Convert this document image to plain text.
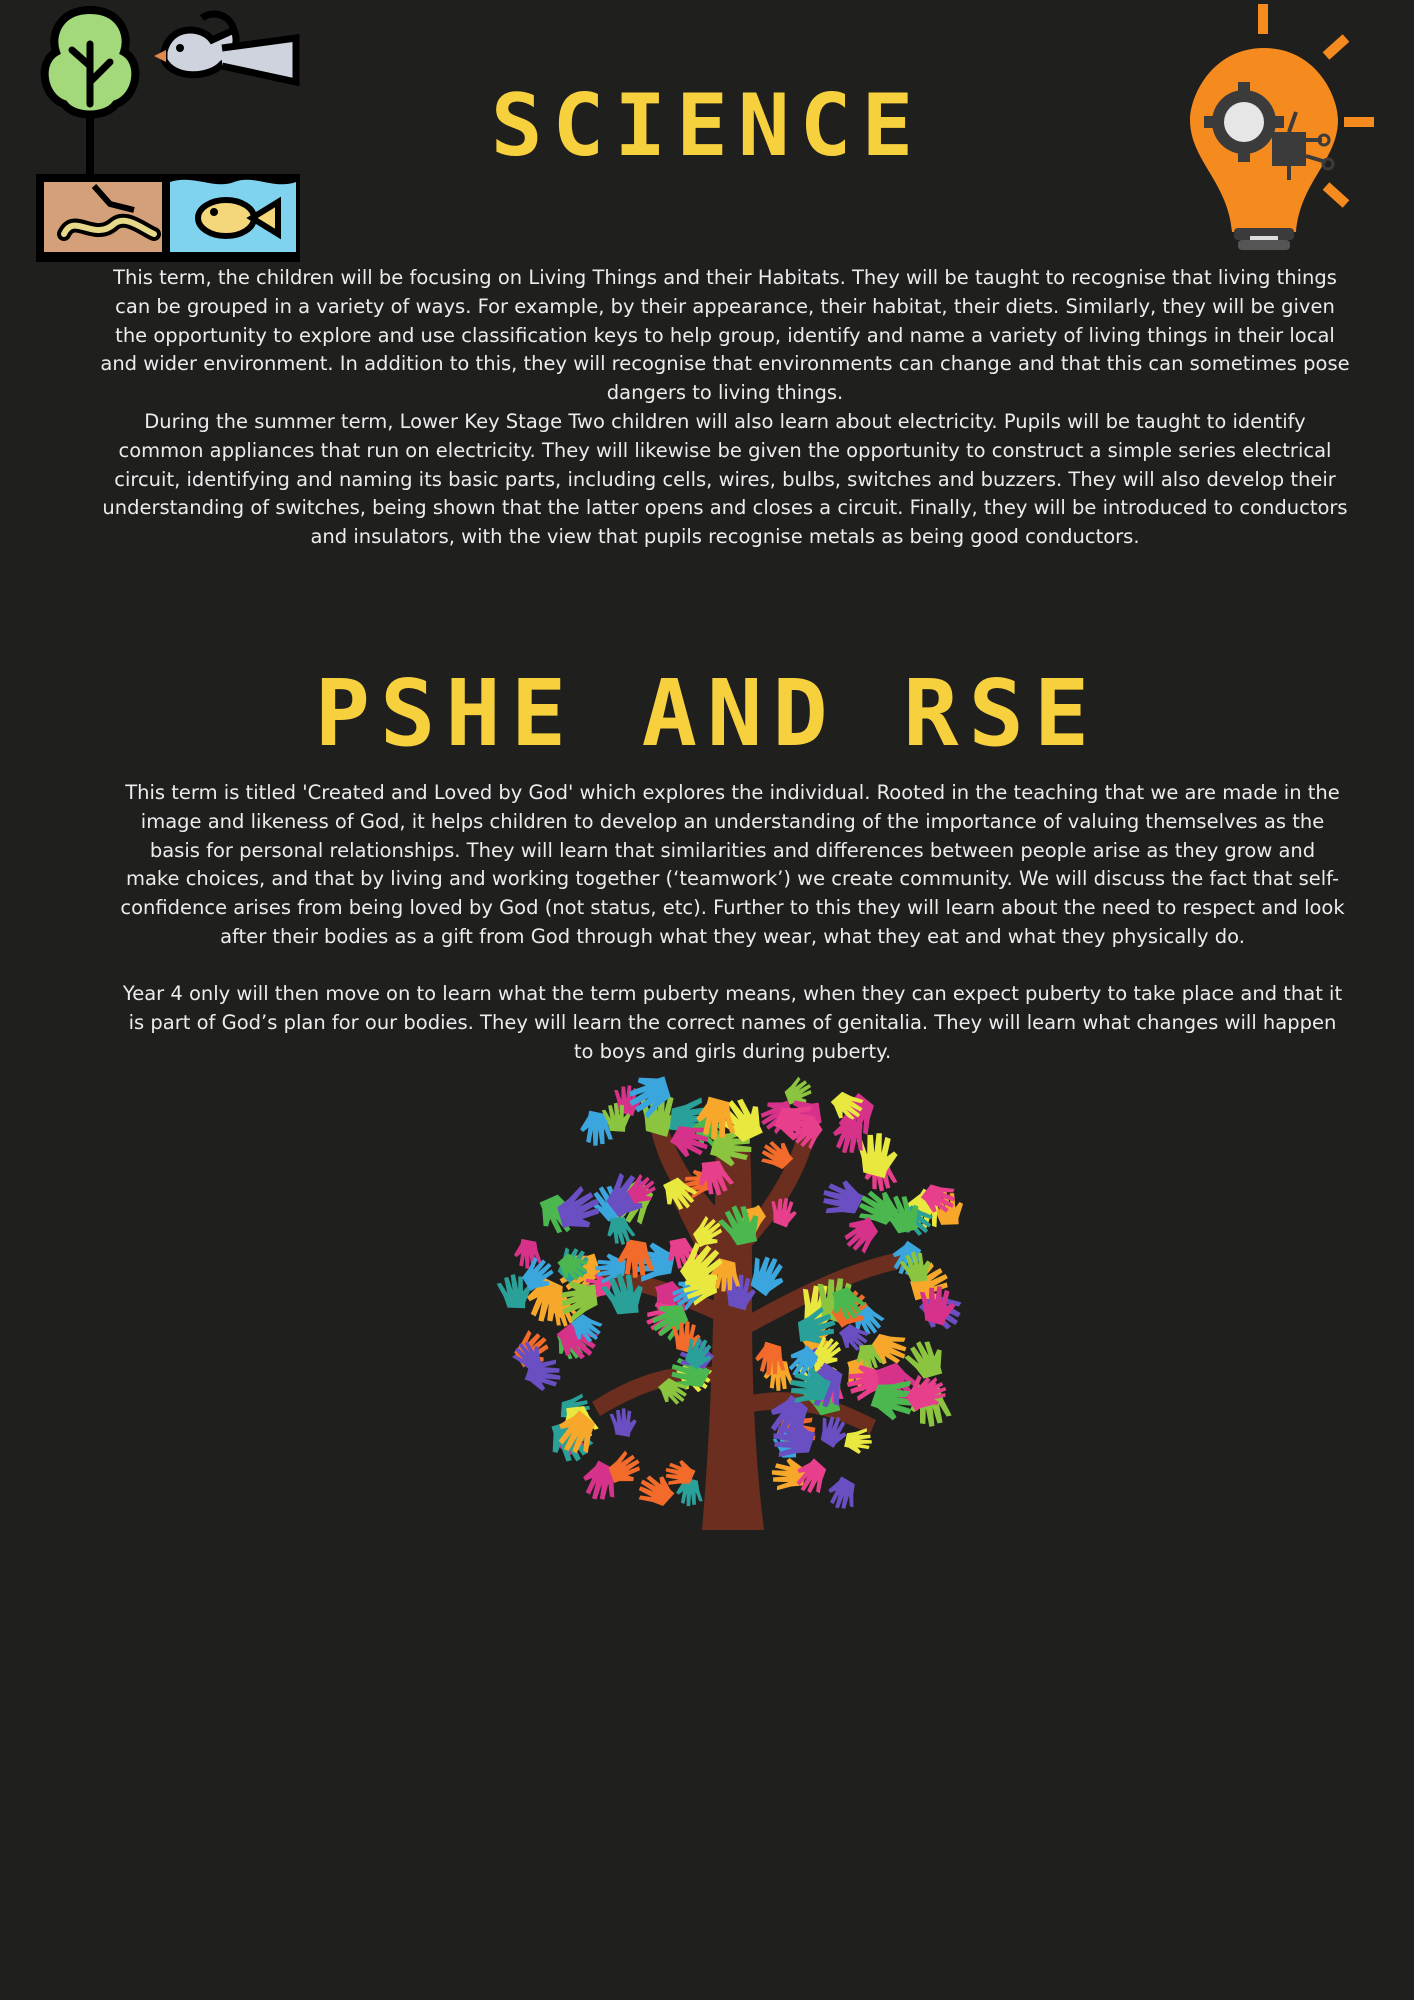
SCIENCE

This term, the children will be focusing on Living Things and their Habitats. They will be taught to recognise that living things can be grouped in a variety of ways. For example, by their appearance, their habitat, their diets. Similarly, they will be given the opportunity to explore and use classification keys to help group, identify and name a variety of living things in their local and wider environment. In addition to this, they will recognise that environments can change and that this can sometimes pose dangers to living things.

During the summer term, Lower Key Stage Two children will also learn about electricity. Pupils will be taught to identify common appliances that run on electricity. They will likewise be given the opportunity to construct a simple series electrical circuit, identifying and naming its basic parts, including cells, wires, bulbs, switches and buzzers. They will also develop their understanding of switches, being shown that the latter opens and closes a circuit. Finally, they will be introduced to conductors and insulators, with the view that pupils recognise metals as being good conductors.

PSHE AND RSE

This term is titled 'Created and Loved by God' which explores the individual. Rooted in the teaching that we are made in the image and likeness of God, it helps children to develop an understanding of the importance of valuing themselves as the basis for personal relationships. They will learn that similarities and differences between people arise as they grow and make choices, and that by living and working together (‘teamwork’) we create community. We will discuss the fact that self-confidence arises from being loved by God (not status, etc). Further to this they will learn about the need to respect and look after their bodies as a gift from God through what they wear, what they eat and what they physically do.

Year 4 only will then move on to learn what the term puberty means, when they can expect puberty to take place and that it is part of God’s plan for our bodies. They will learn the correct names of genitalia. They will learn what changes will happen to boys and girls during puberty.
